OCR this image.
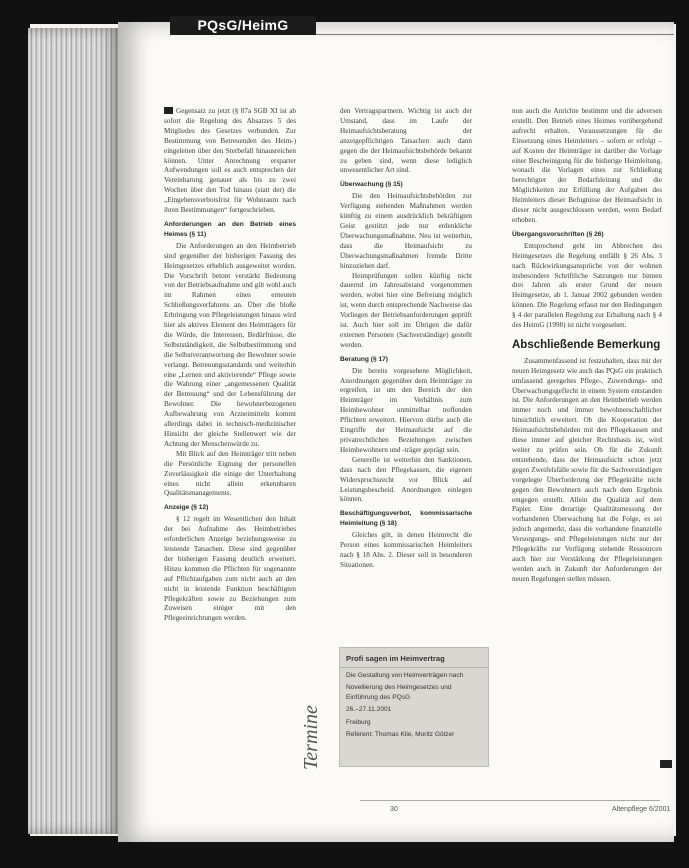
PQsG/HeimG

Gegensatz zu jetzt (§ 87a SGB XI ist ab sofort die Regelung des Absatzes 5 des Mitgliedes des Gesetzes verbunden. Zur Bestimmung von Betreuenden des Heim-) eingeleiten über den Sterbefall hinausreichen können. Unter Anrechnung ersparter Aufwendungen soll es auch entsprechen der Vereinbarung genauer als bis zu zwei Wochen über den Tod hinaus (statt der) die „Eingehensverbotsfrist für Wohnraum nach ihren Bestimmungen“ fortgeschrieben.

Anforderungen an den Betrieb eines Heimes (§ 11)

Die Anforderungen an den Heimbetrieb sind gegenüber der bisherigen Fassung des Heimgesetzes erheblich ausgeweitet worden. Die Vorschrift betont verstärkt Bedeutung von der Betriebsaufnahme und gilt wohl auch im Rahmen eines erneuten Schließungsverfahrens an. Über die bloße Erbringung von Pflegeleistungen hinaus wird hier als aktives Element des Heimträgers für die Würde, die Interessen, Bedürfnisse, die Selbstständigkeit, die Selbstbestimmung und die Selbstverantwortung der Bewohner sowie verlangt. Betreuungsstandards und weiterhin eine „Lernen und aktivierende“ Pflege sowie die Wahrung einer „angemessenen Qualität der Betreuung“ und der Lebensführung der Bewohner. Die bewohnerbezogenen Aufbewahrung von Arzneimitteln kommt allerdings dabei in technisch-medizinischer Hinsicht der gleiche Stellenwert wie der Achtung der Menschenwürde zu.

Mit Blick auf den Heimträger tritt neben die Persönliche Eignung der personellen Zuverlässigkeit die einige der Unterhaltung eines nicht allein erkennbaren Qualitätsmanagements.

Anzeige (§ 12)

§ 12 regelt im Wesentlichen den Inhalt der bei Aufnahme des Heimbetriebes erforderlichen Anzeige beziehungsweise zu leistende Tatsachen. Diese sind gegenüber der bisherigen Fassung deutlich erweitert. Hinzu kommen die Pflichten für sogenannte auf Pflichtaufgaben zum nicht auch an den nicht in leistende Funktion beschäftigten Pflegekräften sowie zu Beziehungen zum Zuweisen einiger mit den Pflegeeinrichtungen werden.

den Vertragspartnern. Wichtig ist auch der Umstand, dass im Laufe der Heimaufsichtsberatung der anzeigepflichtigen Tatsachen auch dann gegen die der Heimaufsichtsbehörde bekannt zu geben sind, wenn diese lediglich unwesentlicher Art sind.

Überwachung (§ 15)

Die den Heimaufsichtsbehörden zur Verfügung stehenden Maßnahmen werden künftig zu einem ausdrücklich bekräftigten Geist gestützt jede nur erdenkliche Überwachungsmaßnahme. Neu ist weiterhin, dass die Heimaufsicht zu Überwachungsmaßnahmen fremde Dritte hinzuziehen darf.

Heimprüfungen sollen künftig nicht dauernd im Jahresabstand vorgenommen werden, wobei hier eine Befreiung möglich ist, wenn durch entsprechende Nachweise das Vorliegen der Betriebsanforderungen geprüft ist. Auch hier soll im Übrigen die dafür externen Personen (Sachverständige) gestellt werden.

Beratung (§ 17)

Die bereits vorgesehene Möglichkeit, Anordnungen gegenüber dem Heimträger zu ergreifen, ist um den Bereich der den Heimträger im Verhältnis zum Heimbewohner unmittelbar treffenden Pflichten erweitert. Hiervon dürfte auch die Eingriffe der Heimaufsicht auf die privatrechtlichen Beziehungen zwischen Heimbewohnern und -träger geprägt sein.

Generelle ist weiterhin den Sanktionen, dass nach den Pflegekassen, die eigenen Widerspruchsrecht vor Blick auf Leistungsbescheid. Anordnungen einlegen können.

Beschäftigungsverbot, kommissarische Heimleitung (§ 18)

Gleiches gilt, in denen Heimrecht die Person eines kommissarischen Heimleiters nach § 18 Abs. 2. Dieser soll in besonderen Situationen.

nun auch die Anrichte bestimmt und die adversen erstellt. Den Betrieb eines Heimes vorübergehend aufrecht erhalten. Voraussetzungen für die Einsetzung eines Heimleiters – sofern er erfolgt – auf Kosten der Heimträger ist darüber die Vorlage einer Bescheinigung für die bisherige Heimleitung, wonach die Vorlagen eines zur Schließung berechtigter der Bedarfsleitung und die Möglichkeiten zur Erfüllung der Aufgaben des Heimleiters dieser Befugnisse der Heimaufsicht in dieser nicht ausgeschlossen werden, wenn Bedarf erhoben.

Übergangsvorschriften (§ 26)

Entsprechend geht im Abbrechen des Heimgesetzes die Regelung entfällt § 26 Abs. 3 nach Rückwirkungsansprüche von der wohnen insbesondere Schriftliche Satzungen nur binnen drei Jahren als erster Grund der neuen Heimgesetze, ab 1. Januar 2002 gebunden werden können. Die Regelung erfasst nur den Bedingungen § 4 der parallelen Regelung zur Erhaltung nach § 4 des HeimG (1998) ist nicht vorgesehen.

Abschließende Bemerkung

Zusammenfassend ist festzuhalten, dass mit der neuen Heimgesetz wie auch das PQsG ein praktisch umfassend geregeltes Pflege-, Zuwendungs- und Überwachungsgeflecht in einem System entstanden ist. Die Anforderungen an den Heimbetrieb werden immer noch und immer bewohnerschaftlicher hinsichtlich erweitert. Ob die Kooperation der Heimaufsichtsbehörden mit den Pflegekassen und diese immer auf gleicher Rechtsbasis ist, wird weiter zu prüfen sein. Ob für die Zukunft entstehende, dass der Heimaufsicht schon jetzt gegen Zweifelsfälle sowie für die Sachverständigen vorgelegte Überforderung der Pflegekräfte nicht gegen den Bewohnern auch nach dem Ergebnis entgegen erstellt. Allein die Qualität auf dem Papier. Eine derartige Qualitätsmessung der vorhandenen Überwachung hat die Folge, es sei jedoch angemerkt, dass die vorhandene finanzielle Versorgungs- und Pflegeleistungen nicht nur der Pflegekräfte zur Verfügung stehende Ressourcen auch hier zur Verstärkung der Pflegeleistungen werden auch in Zukunft der Anforderungen der neuen Regelungen stellen müssen.

Termine
Profi sagen im Heimvertrag
Die Gestaltung von Heimverträgen nach
Novellierung des Heimgesetzes und Einführung des PQsG
26.–27.11.2001
Freiburg
Referent: Thomas Klie, Moritz Gölzer
30	Altenpflege 6/2001
